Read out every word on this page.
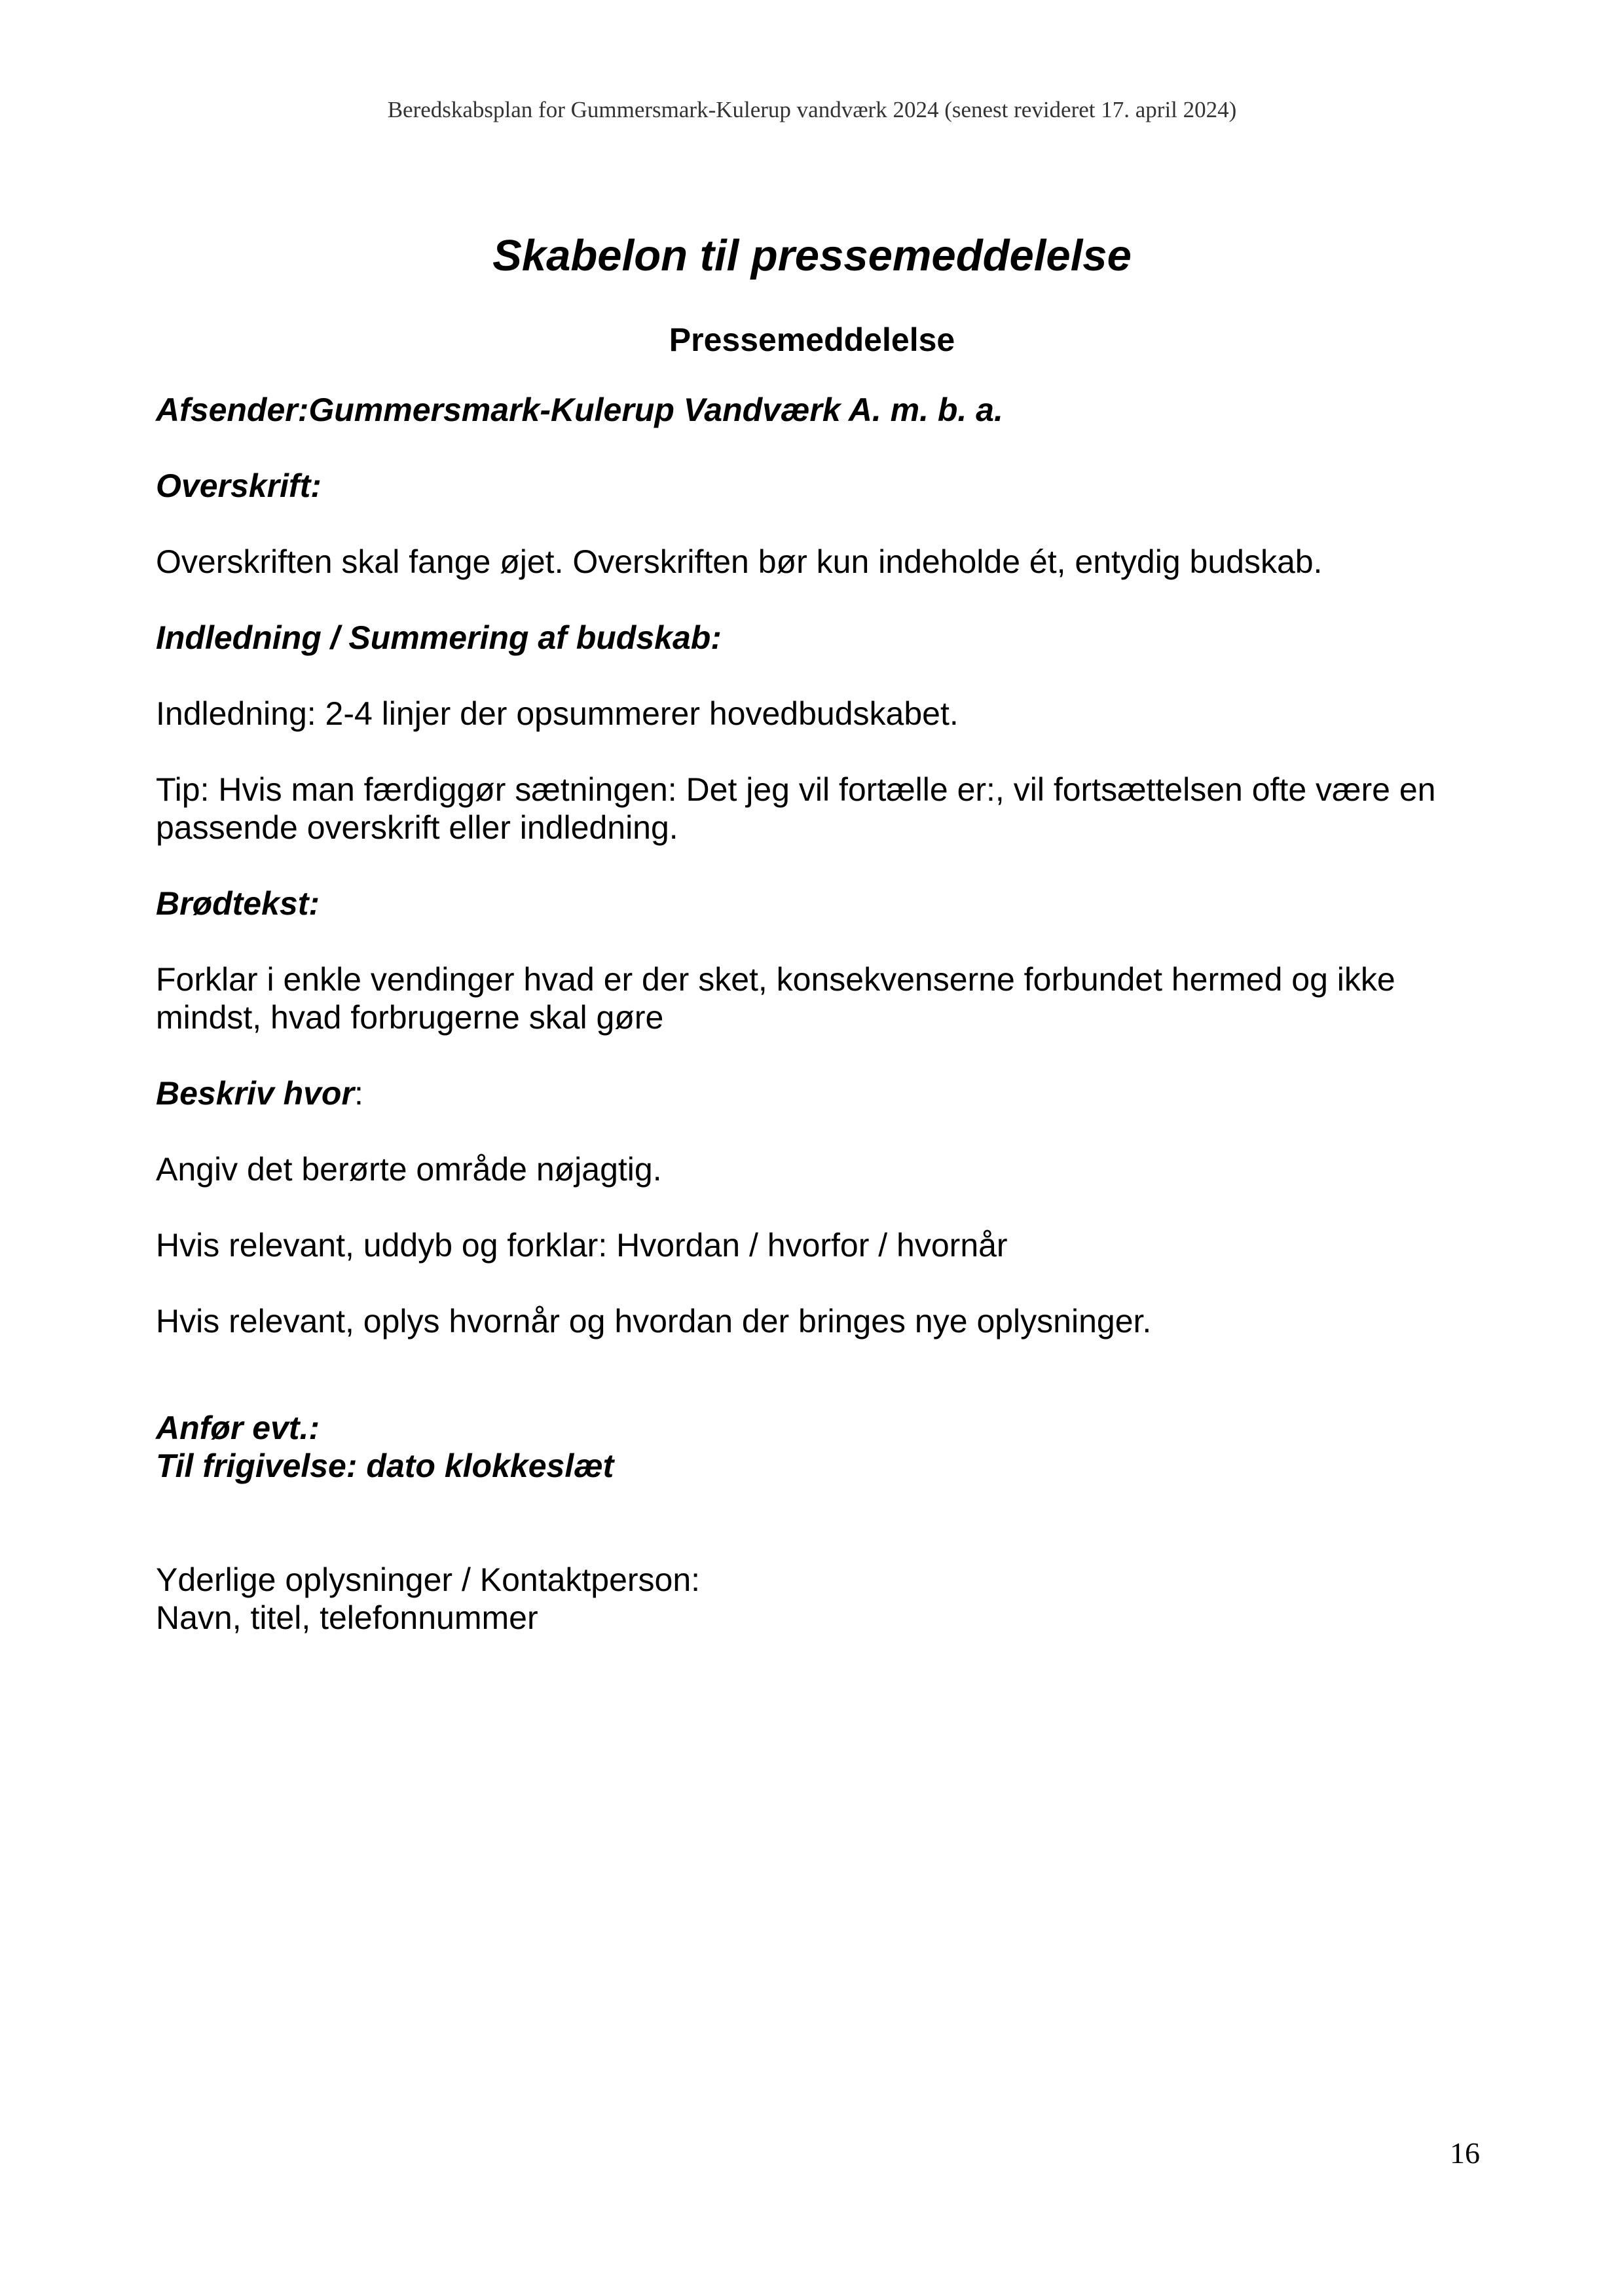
Beredskabsplan for Gummersmark-Kulerup vandværk 2024 (senest revideret 17. april 2024)
Skabelon til pressemeddelelse
Pressemeddelelse
Afsender:Gummersmark-Kulerup Vandværk A. m. b. a.
Overskrift:
Overskriften skal fange øjet. Overskriften bør kun indeholde ét, entydig budskab.
Indledning / Summering af budskab:
Indledning: 2-4 linjer der opsummerer hovedbudskabet.
Tip: Hvis man færdiggør sætningen: Det jeg vil fortælle er:, vil fortsættelsen ofte være en
passende overskrift eller indledning.
Brødtekst:
Forklar i enkle vendinger hvad er der sket, konsekvenserne forbundet hermed og ikke
mindst, hvad forbrugerne skal gøre
Beskriv hvor:
Angiv det berørte område nøjagtig.
Hvis relevant, uddyb og forklar: Hvordan / hvorfor / hvornår
Hvis relevant, oplys hvornår og hvordan der bringes nye oplysninger.
Anfør evt.:
Til frigivelse: dato klokkeslæt
Yderlige oplysninger / Kontaktperson:
Navn, titel, telefonnummer
16
